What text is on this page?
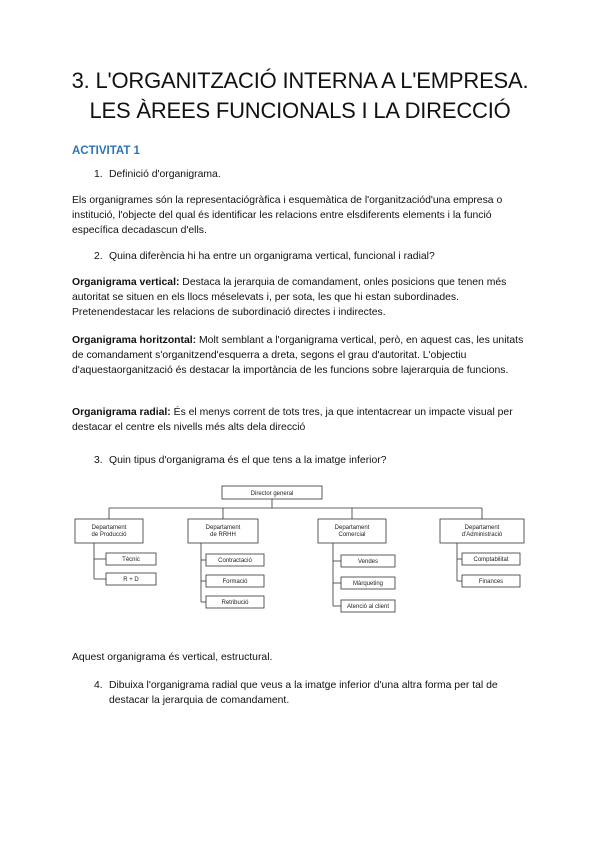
3. L'ORGANITZACIÓ INTERNA A L'EMPRESA.
LES ÀREES FUNCIONALS I LA DIRECCIÓ
ACTIVITAT 1
1. Definició d'organigrama.
Els organigrames són la representaciógràfica i esquemàtica de l'organitzaciód'una empresa o institució, l'objecte del qual és identificar les relacions entre elsdiferents elements i la funció específica decadascun d'ells.
2. Quina diferència hi ha entre un organigrama vertical, funcional i radial?
Organigrama vertical: Destaca la jerarquia de comandament, onles posicions que tenen més autoritat se situen en els llocs méselevats i, per sota, les que hi estan subordinades. Pretenendestacar les relacions de subordinació directes i indirectes.
Organigrama horitzontal: Molt semblant a l'organigrama vertical, però, en aquest cas, les unitats de comandament s'organitzend'esquerra a dreta, segons el grau d'autoritat. L'objectiu d'aquestaorganització és destacar la importància de les funcions sobre lajerarquia de funcions.
Organigrama radial: És el menys corrent de tots tres, ja que intentacrear un impacte visual per destacar el centre els nivells més alts dela direcció
3. Quin tipus d'organigrama és el que tens a la imatge inferior?
Director general
Departament
de Producció
Departament
de RRHH
Departament
Comercial
Departament
d'Administració
Tècnic
R + D
Contractació
Formació
Retribució
Vendes
Màrqueting
Atenció al client
Comptabilitat
Finances
Aquest organigrama és vertical, estructural.
4. Dibuixa l'organigrama radial que veus a la imatge inferior d'una altra forma per tal de destacar la jerarquia de comandament.
